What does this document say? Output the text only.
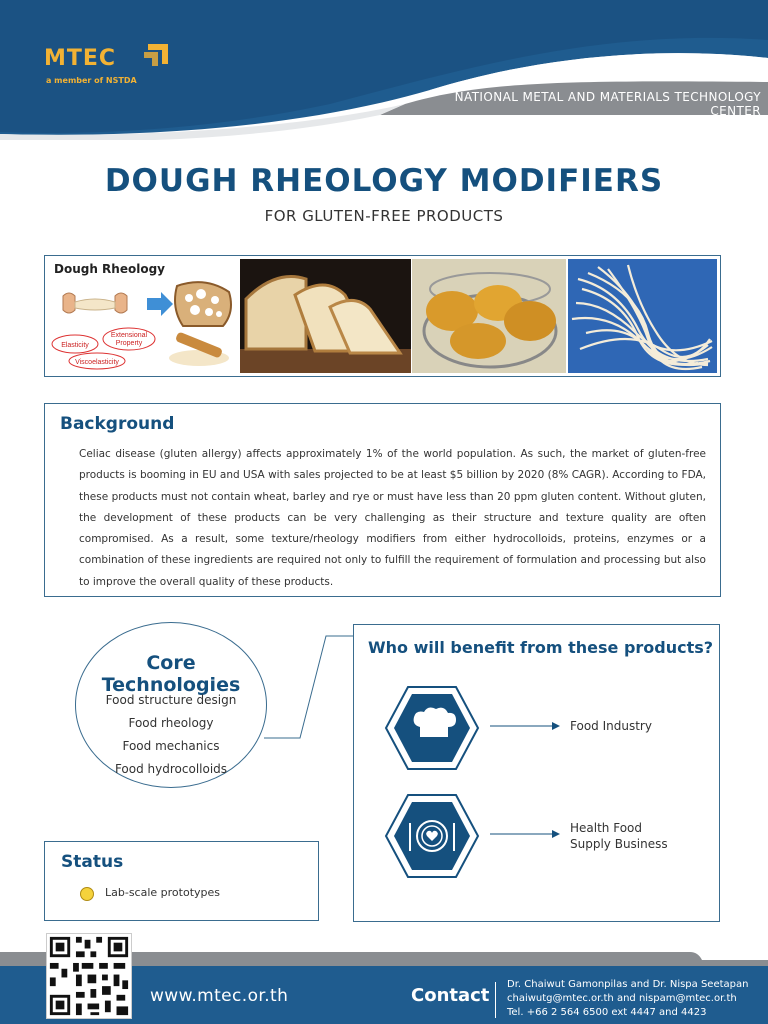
MTEC
a member of NSTDA
NATIONAL METAL AND MATERIALS TECHNOLOGY CENTER
DOUGH RHEOLOGY MODIFIERS
FOR GLUTEN-FREE PRODUCTS
Dough Rheology
Elasticity
Extensional
Property
Viscoelasticity
Background
Celiac disease (gluten allergy) affects approximately 1% of the world population. As such, the market of gluten-free products is booming in EU and USA with sales projected to be at least $5 billion by 2020 (8% CAGR). According to FDA, these products must not contain wheat, barley and rye or must have less than 20 ppm gluten content. Without gluten, the development of these products can be very challenging as their structure and texture quality are often compromised. As a result, some texture/rheology modifiers from either hydrocolloids, proteins, enzymes or a combination of these ingredients are required not only to fulfill the requirement of formulation and processing but also to improve the overall quality of these products.
Core Technologies
Food structure design
Food rheology
Food mechanics
Food hydrocolloids
Who will benefit from these products?
Food Industry
Health Food
Supply Business
Status
Lab-scale prototypes
www.mtec.or.th	Contact
Dr. Chaiwut Gamonpilas and Dr. Nispa Seetapan
chaiwutg@mtec.or.th and nispam@mtec.or.th
Tel. +66 2 564 6500 ext 4447 and 4423
